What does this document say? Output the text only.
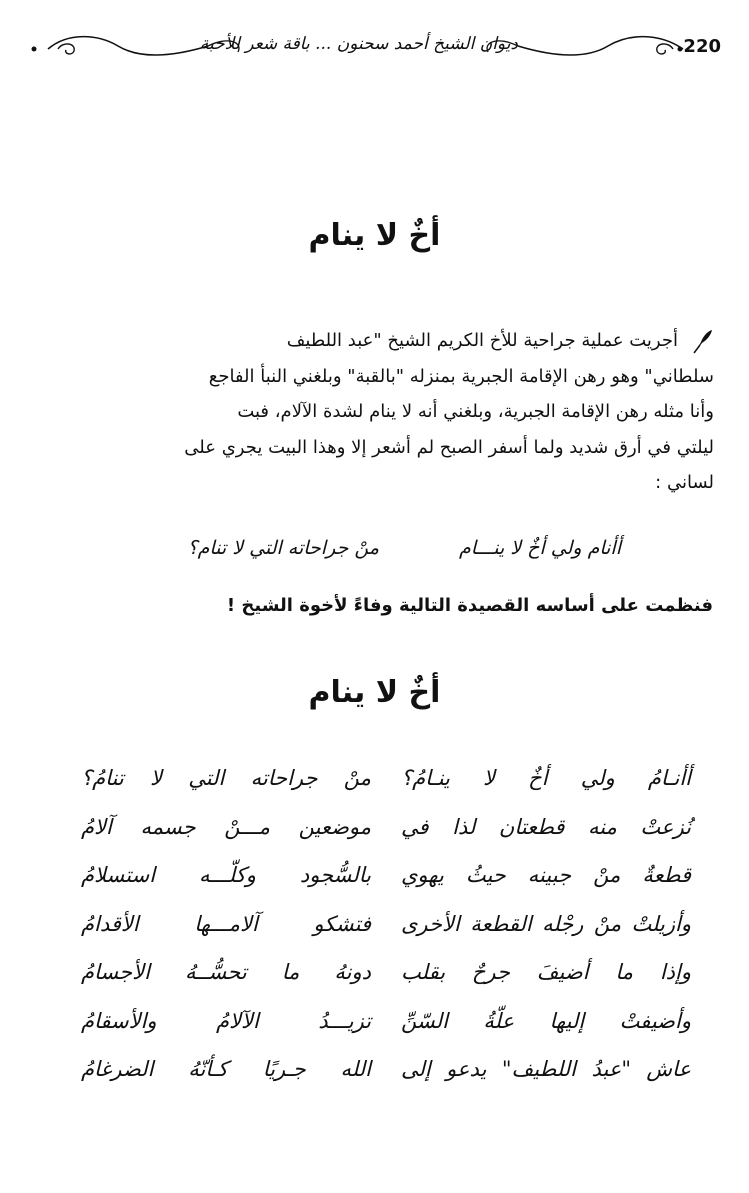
ديوان الشيخ أحمد سحنون ... باقة شعر للأحبة	220
أخٌ لا ينام
أجريت عملية جراحية للأخ الكريم الشيخ "عبد اللطيف
سلطاني" وهو رهن الإقامة الجبرية بمنزله "بالقبة" وبلغني النبأ الفاجع
وأنا مثله رهن الإقامة الجبرية، وبلغني أنه لا ينام لشدة الآلام، فبت
ليلتي في أرق شديد ولما أسفر الصبح لم أشعر إلا وهذا البيت يجري على
لساني :
أأنام ولي أخٌ لا ينـــام
منْ جراحاته التي لا تنام؟
فنظمت على أساسه القصيدة التالية وفاءً لأخوة الشيخ !
أخٌ لا ينام
أأنـامُ ولي أخٌ لا ينـامُ؟
منْ جراحاته التي لا تنامُ؟
نُزعتْ منه قطعتان لذا في
موضعين مـــنْ جسمه آلامُ
قطعةٌ منْ جبينه حيثُ يهوي
بالسُّجود وكلّـــه استسلامُ
وأزيلتْ منْ رجْله القطعة الأخرى
فتشكو آلامـــها الأقدامُ
وإذا ما أضيفَ جرحٌ بقلب
دونهُ ما تحسُّــهُ الأجسامُ
وأضيفتْ إليها علّةُ السّنِّ
تزيـــدُ الآلامُ والأسقامُ
عاش "عبدُ اللطيف" يدعو إلى
الله جـريًا كـأنّهُ الضرغامُ
